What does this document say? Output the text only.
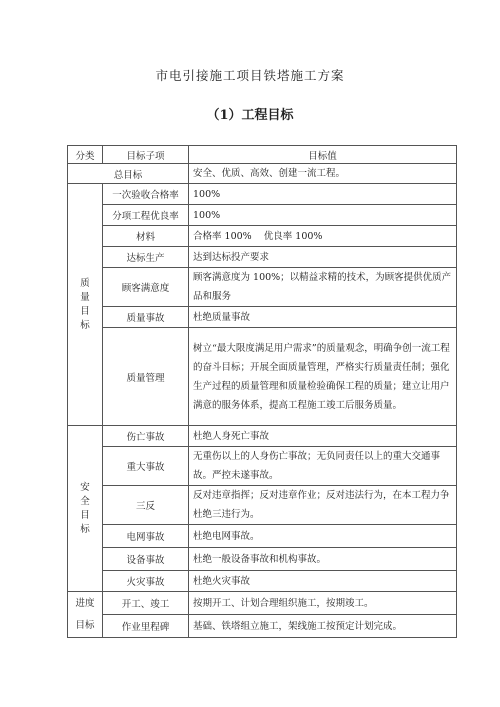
市电引接施工项目铁塔施工方案
（1）工程目标
分类	目标子项	目标值
总目标		安全、优质、高效、创建一流工程。

质
量
目
标	一次验收合格率	100%
	分项工程优良率	100%
	材料	合格率 100%    优良率 100%
	达标生产	达到达标投产要求
	顾客满意度	顾客满意度为 100%；以精益求精的技术，为顾客提供优质产品和服务
	质量事故	杜绝质量事故
	质量管理	树立“最大限度满足用户需求”的质量观念，明确争创一流工程的奋斗目标；开展全面质量管理，严格实行质量责任制；强化生产过程的质量管理和质量检验确保工程的质量；建立让用户满意的服务体系，提高工程施工竣工后服务质量。

安
全
目
标	伤亡事故	杜绝人身死亡事故
	重大事故	无重伤以上的人身伤亡事故；无负同责任以上的重大交通事故。严控未遂事故。
	三反	反对违章指挥；反对违章作业；反对违法行为，在本工程力争杜绝三违行为。
	电网事故	杜绝电网事故。
	设备事故	杜绝一般设备事故和机构事故。
	火灾事故	杜绝火灾事故

进度
目标	开工、竣工	按期开工、计划合理组织施工，按期竣工。
	作业里程碑	基础、铁塔组立施工，架线施工按预定计划完成。
